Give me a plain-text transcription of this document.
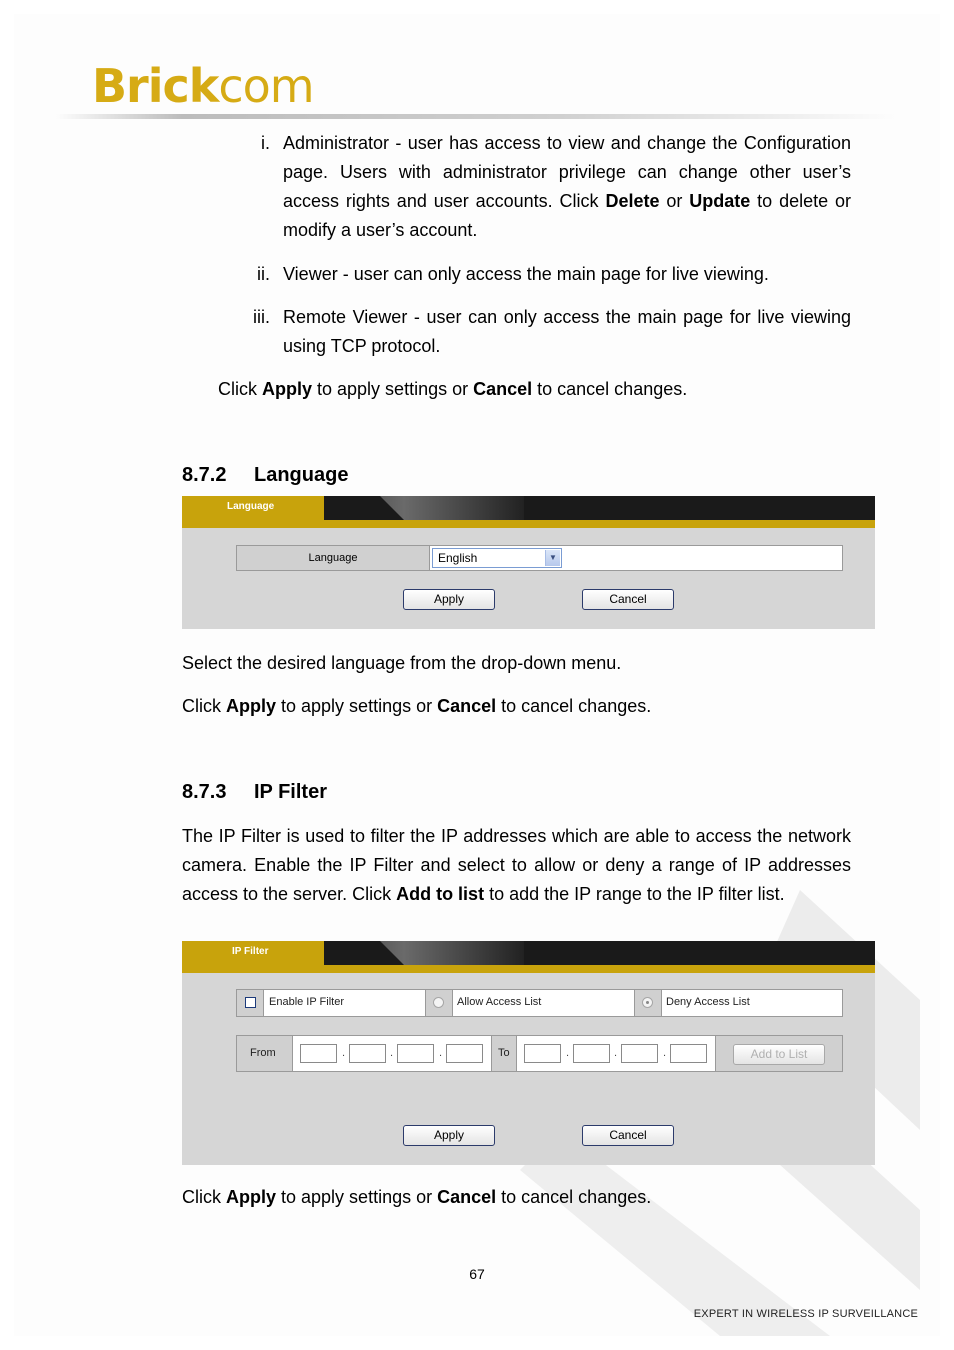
Brickcom
i. Administrator - user has access to view and change the Configuration page. Users with administrator privilege can change other user’s access rights and user accounts. Click Delete or Update to delete or modify a user’s account.
ii. Viewer - user can only access the main page for live viewing.
iii. Remote Viewer - user can only access the main page for live viewing using TCP protocol.
Click Apply to apply settings or Cancel to cancel changes.
8.7.2 Language
Language
Language	English	▼
Apply	Cancel
Select the desired language from the drop-down menu.
Click Apply to apply settings or Cancel to cancel changes.
8.7.3 IP Filter
The IP Filter is used to filter the IP addresses which are able to access the network camera. Enable the IP Filter and select to allow or deny a range of IP addresses access to the server. Click Add to list to add the IP range to the IP filter list.
IP Filter
Enable IP Filter	Allow Access List	Deny Access List
From	.	.	.	To	.	.	.	Add to List
Apply	Cancel
Click Apply to apply settings or Cancel to cancel changes.
67
EXPERT IN WIRELESS IP SURVEILLANCE
